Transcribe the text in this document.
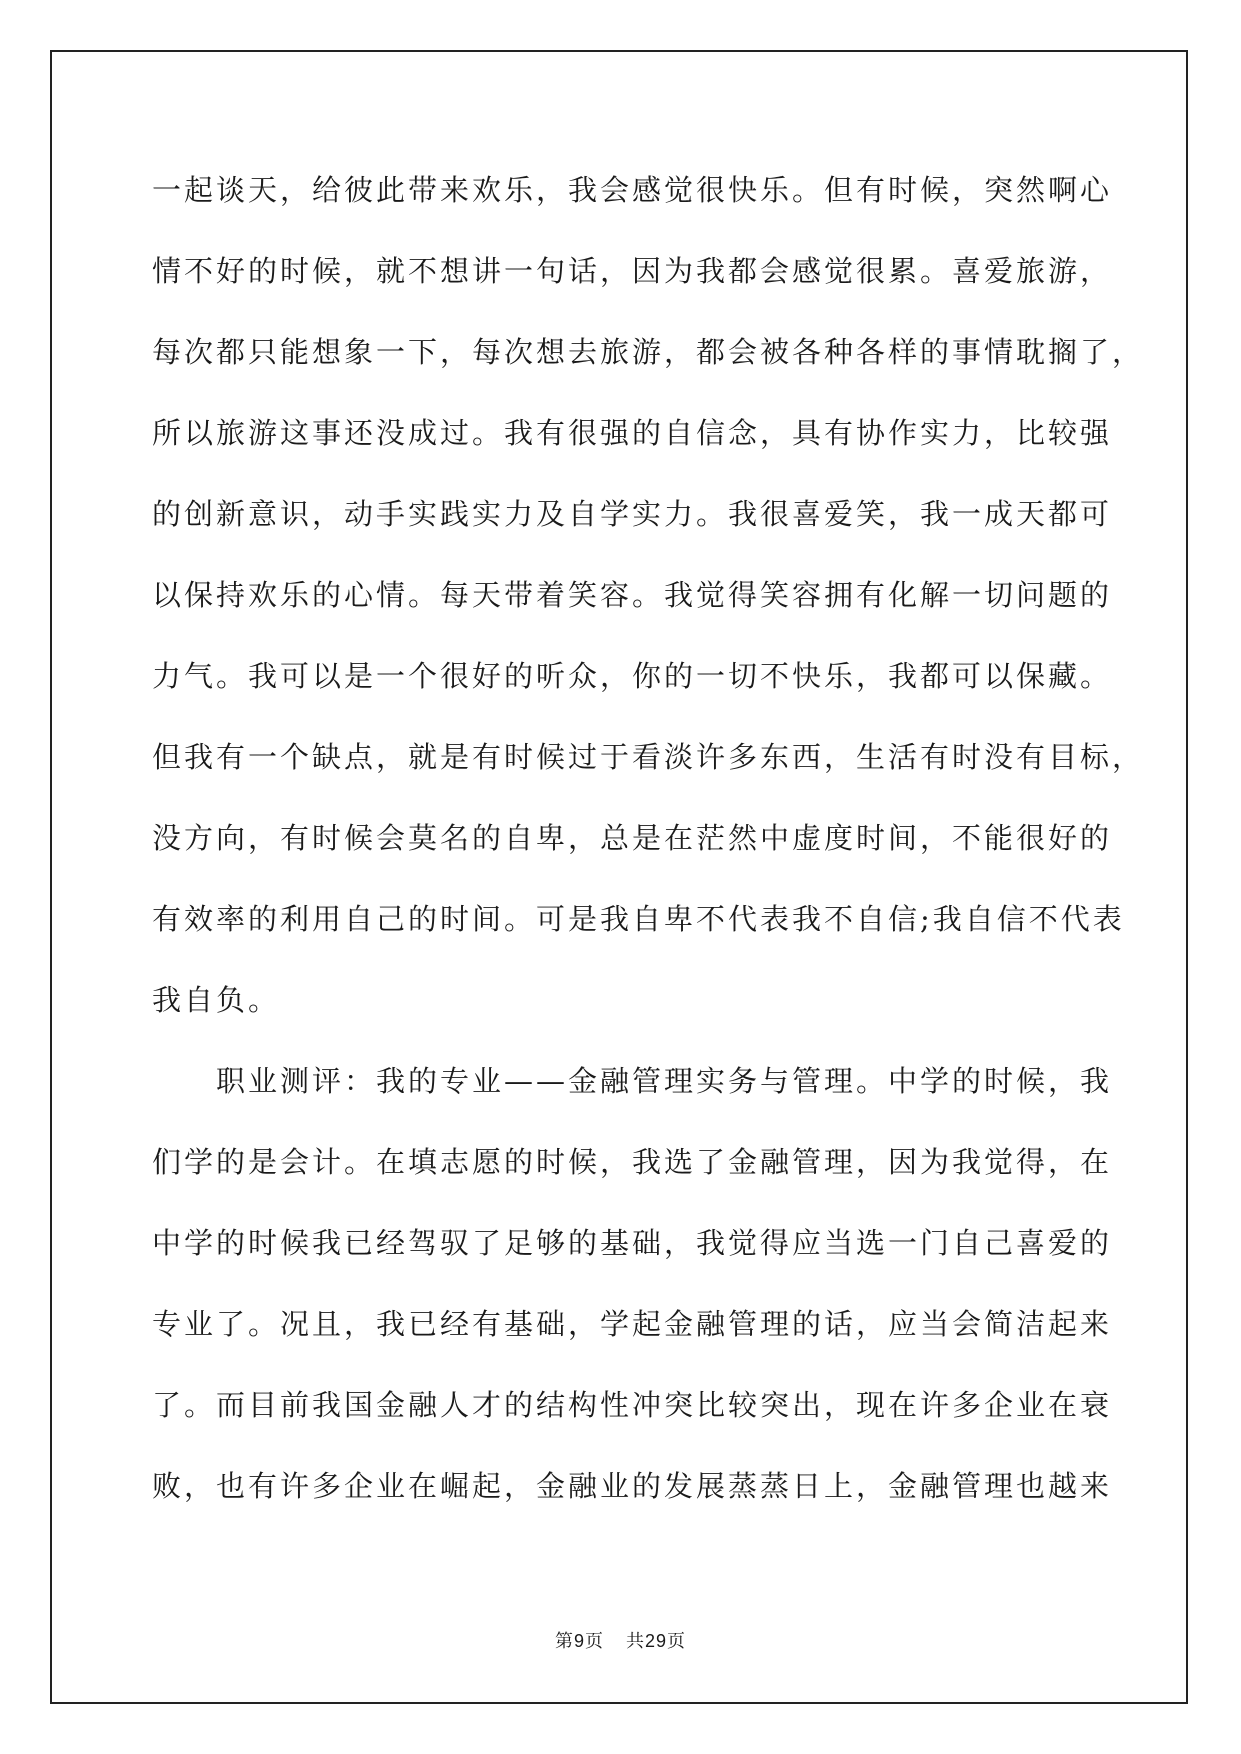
一起谈天，给彼此带来欢乐，我会感觉很快乐。但有时候，突然啊心
情不好的时候，就不想讲一句话，因为我都会感觉很累。喜爱旅游，
每次都只能想象一下，每次想去旅游，都会被各种各样的事情耽搁了，
所以旅游这事还没成过。我有很强的自信念，具有协作实力，比较强
的创新意识，动手实践实力及自学实力。我很喜爱笑，我一成天都可
以保持欢乐的心情。每天带着笑容。我觉得笑容拥有化解一切问题的
力气。我可以是一个很好的听众，你的一切不快乐，我都可以保藏。
但我有一个缺点，就是有时候过于看淡许多东西，生活有时没有目标，
没方向，有时候会莫名的自卑，总是在茫然中虚度时间，不能很好的
有效率的利用自己的时间。可是我自卑不代表我不自信;我自信不代表
我自负。
　　职业测评：我的专业——金融管理实务与管理。中学的时候，我
们学的是会计。在填志愿的时候，我选了金融管理，因为我觉得，在
中学的时候我已经驾驭了足够的基础，我觉得应当选一门自己喜爱的
专业了。况且，我已经有基础，学起金融管理的话，应当会简洁起来
了。而目前我国金融人才的结构性冲突比较突出，现在许多企业在衰
败，也有许多企业在崛起，金融业的发展蒸蒸日上，金融管理也越来
第9页 共29页
